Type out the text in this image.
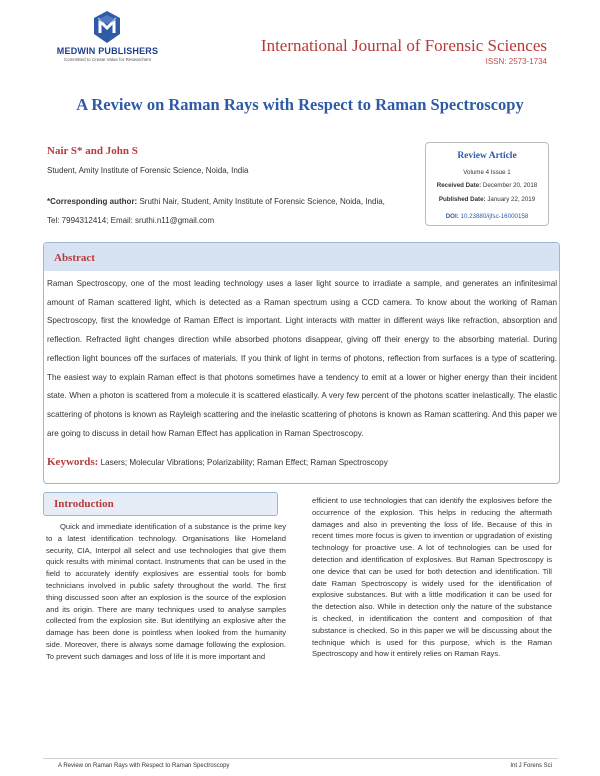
MEDWIN PUBLISHERS
Committed to Create Value for Researchers
International Journal of Forensic Sciences
ISSN: 2573-1734
A Review on Raman Rays with Respect to Raman Spectroscopy
Nair S* and John S
Student, Amity Institute of Forensic Science, Noida, India
*Corresponding author: Sruthi Nair, Student, Amity Institute of Forensic Science, Noida, India, Tel: 7994312414; Email: sruthi.n11@gmail.com
Review Article
Volume 4 Issue 1
Received Date: December 20, 2018
Published Date: January 22, 2019
DOI: 10.23880/ijfsc-16000158
Abstract
Raman Spectroscopy, one of the most leading technology uses a laser light source to irradiate a sample, and generates an infinitesimal amount of Raman scattered light, which is detected as a Raman spectrum using a CCD camera. To know about the working of Raman Spectroscopy, first the knowledge of Raman Effect is important. Light interacts with matter in different ways like refraction, absorption and reflection. Refracted light changes direction while absorbed photons disappear, giving off their energy to the absorbing material. During reflection light bounces off the surfaces of materials. If you think of light in terms of photons, reflection from surfaces is a type of scattering. The easiest way to explain Raman effect is that photons sometimes have a tendency to emit at a lower or higher energy than their incident state. When a photon is scattered from a molecule it is scattered elastically. A very few percent of the photons scatter inelastically. The elastic scattering of photons is known as Rayleigh scattering and the inelastic scattering of photons is known as Raman scattering. And this paper we are going to discuss in detail how Raman Effect has application in Raman Spectroscopy.
Keywords: Lasers; Molecular Vibrations; Polarizability; Raman Effect; Raman Spectroscopy
Introduction
Quick and immediate identification of a substance is the prime key to a latest identification technology. Organisations like Homeland security, CIA, Interpol all select and use technologies that give them quick results with minimal contact. Instruments that can be used in the field to accurately identify explosives are essential tools for bomb technicians involved in public safety throughout the world. The first thing discussed soon after an explosion is the source of the explosion and its origin. There are many techniques used to analyse samples collected from the explosion site. But identifying an explosive after the damage has been done is pointless when looked from the humanity side. Moreover, there is always some damage following the explosion. To prevent such damages and loss of life it is more important and
efficient to use technologies that can identify the explosives before the occurrence of the explosion. This helps in reducing the aftermath damages and also in preventing the loss of life. Because of this in recent times more focus is given to invention or upgradation of existing technology for proactive use. A lot of technologies can be used for detection and identification of explosives. But Raman Spectroscopy is one device that can be used for both detection and identification. Till date Raman Spectroscopy is widely used for the identification of explosive substances. But with a little modification it can be used for the detection also. While in detection only the nature of the substance is checked, in identification the content and composition of that substance is checked. So in this paper we will be discussing about the technique which is used for this purpose, which is the Raman Spectroscopy and how it entirely relies on Raman Rays.
A Review on Raman Rays with Respect to Raman Spectroscopy	Int J Forens Sci
